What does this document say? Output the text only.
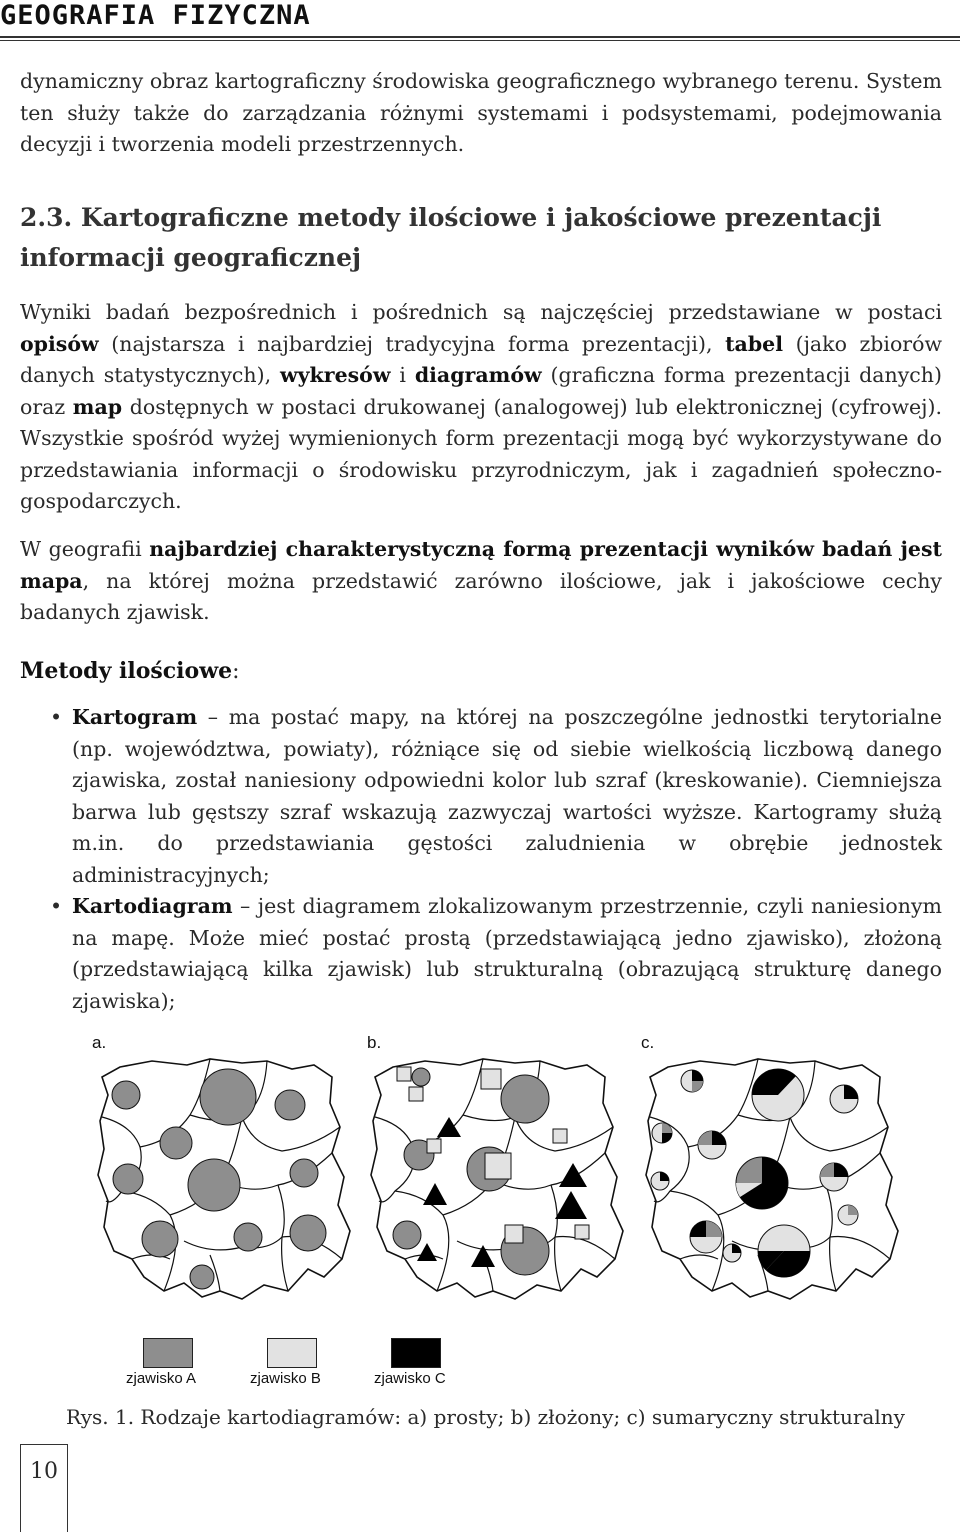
GEOGRAFIA FIZYCZNA

dynamiczny obraz kartograficzny środowiska geograficznego wybranego terenu. System ten służy także do zarządzania różnymi systemami i podsystemami, podejmowania decyzji i tworzenia modeli przestrzennych.

2.3. Kartograficzne metody ilościowe i jakościowe prezentacji informacji geograficznej

Wyniki badań bezpośrednich i pośrednich są najczęściej przedstawiane w postaci opisów (najstarsza i najbardziej tradycyjna forma prezentacji), tabel (jako zbiorów danych statystycznych), wykresów i diagramów (graficzna forma prezentacji danych) oraz map dostępnych w postaci drukowanej (analogowej) lub elektronicznej (cyfrowej). Wszystkie spośród wyżej wymienionych form prezentacji mogą być wykorzystywane do przedstawiania informacji o środowisku przyrodniczym, jak i zagadnień społeczno-gospodarczych.

W geografii najbardziej charakterystyczną formą prezentacji wyników badań jest mapa, na której można przedstawić zarówno ilościowe, jak i jakościowe cechy badanych zjawisk.

Metody ilościowe:
• Kartogram – ma postać mapy, na której na poszczególne jednostki terytorialne (np. województwa, powiaty), różniące się od siebie wielkością liczbową danego zjawiska, został naniesiony odpowiedni kolor lub szraf (kreskowanie). Ciemniejsza barwa lub gęstszy szraf wskazują zazwyczaj wartości wyższe. Kartogramy służą m.in. do przedstawiania gęstości zaludnienia w obrębie jednostek administracyjnych;
• Kartodiagram – jest diagramem zlokalizowanym przestrzennie, czyli naniesionym na mapę. Może mieć postać prostą (przedstawiającą jedno zjawisko), złożoną (przedstawiającą kilka zjawisk) lub strukturalną (obrazującą strukturę danego zjawiska);
a.	b.	c.
zjawisko A	zjawisko B	zjawisko C
Rys. 1. Rodzaje kartodiagramów: a) prosty; b) złożony; c) sumaryczny strukturalny
10
